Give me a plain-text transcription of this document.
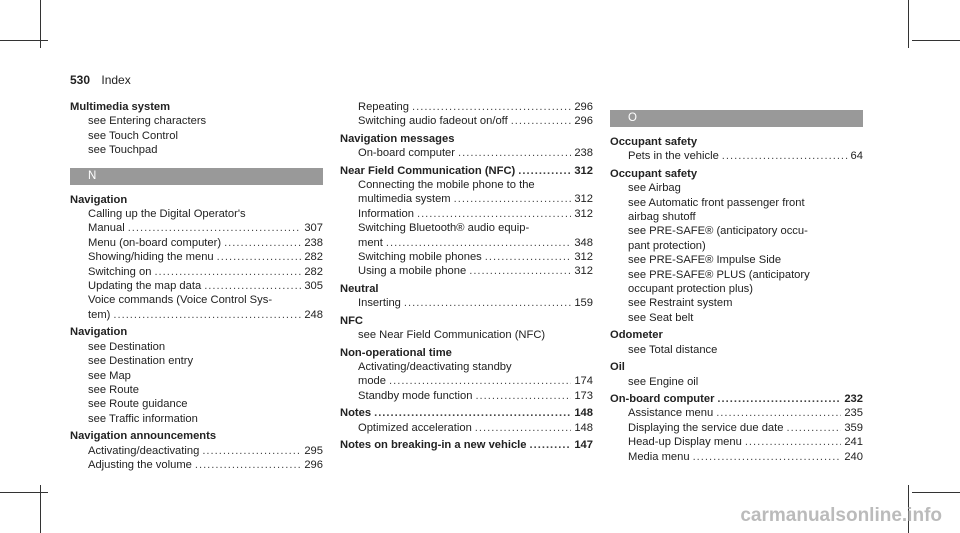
530 Index
Multimedia system
see Entering characters
see Touch Control
see Touchpad
N
Navigation
Calling up the Digital Operator's
Manual .....	307
Menu (on-board computer) .....	238
Showing/hiding the menu .....	282
Switching on .....	282
Updating the map data .....	305
Voice commands (Voice Control Sys-
tem) .....	248
Navigation
see Destination
see Destination entry
see Map
see Route
see Route guidance
see Traffic information
Navigation announcements
Activating/deactivating .....	295
Adjusting the volume .....	296
Repeating .....	296
Switching audio fadeout on/off .....	296
Navigation messages
On-board computer .....	238
Near Field Communication (NFC) .....	312
Connecting the mobile phone to the
multimedia system .....	312
Information .....	312
Switching Bluetooth® audio equip-
ment .....	348
Switching mobile phones .....	312
Using a mobile phone .....	312
Neutral
Inserting .....	159
NFC
see Near Field Communication (NFC)
Non-operational time
Activating/deactivating standby
mode .....	174
Standby mode function .....	173
Notes .....	148
Optimized acceleration .....	148
Notes on breaking-in a new vehicle .....	147
O
Occupant safety
Pets in the vehicle .....	64
Occupant safety
see Airbag
see Automatic front passenger front
airbag shutoff
see PRE-SAFE® (anticipatory occu-
pant protection)
see PRE-SAFE® Impulse Side
see PRE-SAFE® PLUS (anticipatory
occupant protection plus)
see Restraint system
see Seat belt
Odometer
see Total distance
Oil
see Engine oil
On-board computer .....	232
Assistance menu .....	235
Displaying the service due date .....	359
Head-up Display menu .....	241
Media menu .....	240
carmanualsonline.info
